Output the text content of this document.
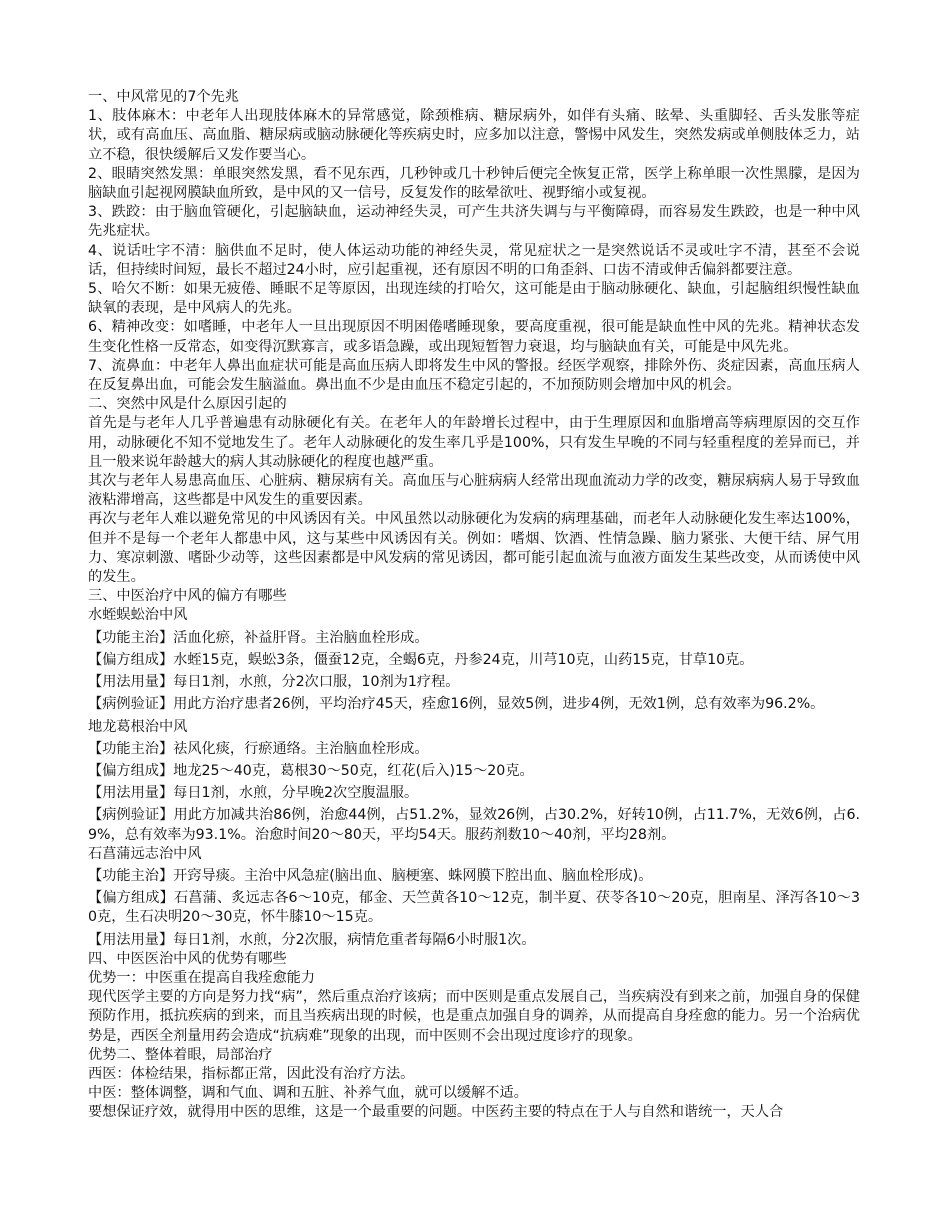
一、中风常见的7个先兆

1、肢体麻木：中老年人出现肢体麻木的异常感觉，除颈椎病、糖尿病外，如伴有头痛、眩晕、头重脚轻、舌头发胀等症状，或有高血压、高血脂、糖尿病或脑动脉硬化等疾病史时，应多加以注意，警惕中风发生，突然发病或单侧肢体乏力，站立不稳，很快缓解后又发作要当心。

2、眼睛突然发黑：单眼突然发黑，看不见东西，几秒钟或几十秒钟后便完全恢复正常，医学上称单眼一次性黑朦，是因为脑缺血引起视网膜缺血所致，是中风的又一信号，反复发作的眩晕欲吐、视野缩小或复视。

3、跌跤：由于脑血管硬化，引起脑缺血，运动神经失灵，可产生共济失调与与平衡障碍，而容易发生跌跤，也是一种中风先兆症状。

4、说话吐字不清：脑供血不足时，使人体运动功能的神经失灵，常见症状之一是突然说话不灵或吐字不清，甚至不会说话，但持续时间短，最长不超过24小时，应引起重视，还有原因不明的口角歪斜、口齿不清或伸舌偏斜都要注意。

5、哈欠不断：如果无疲倦、睡眠不足等原因，出现连续的打哈欠，这可能是由于脑动脉硬化、缺血，引起脑组织慢性缺血缺氧的表现，是中风病人的先兆。

6、精神改变：如嗜睡，中老年人一旦出现原因不明困倦嗜睡现象，要高度重视，很可能是缺血性中风的先兆。精神状态发生变化性格一反常态，如变得沉默寡言，或多语急躁，或出现短暂智力衰退，均与脑缺血有关，可能是中风先兆。

7、流鼻血：中老年人鼻出血症状可能是高血压病人即将发生中风的警报。经医学观察，排除外伤、炎症因素，高血压病人在反复鼻出血，可能会发生脑溢血。鼻出血不少是由血压不稳定引起的，不加预防则会增加中风的机会。

二、突然中风是什么原因引起的

首先是与老年人几乎普遍患有动脉硬化有关。在老年人的年龄增长过程中，由于生理原因和血脂增高等病理原因的交互作用，动脉硬化不知不觉地发生了。老年人动脉硬化的发生率几乎是100%，只有发生早晚的不同与轻重程度的差异而已，并且一般来说年龄越大的病人其动脉硬化的程度也越严重。

其次与老年人易患高血压、心脏病、糖尿病有关。高血压与心脏病病人经常出现血流动力学的改变，糖尿病病人易于导致血液粘滞增高，这些都是中风发生的重要因素。

再次与老年人难以避免常见的中风诱因有关。中风虽然以动脉硬化为发病的病理基础，而老年人动脉硬化发生率达100%，但并不是每一个老年人都患中风，这与某些中风诱因有关。例如：嗜烟、饮酒、性情急躁、脑力紧张、大便干结、屏气用力、寒凉刺激、嗜卧少动等，这些因素都是中风发病的常见诱因，都可能引起血流与血液方面发生某些改变，从而诱使中风的发生。

三、中医治疗中风的偏方有哪些

水蛭蜈蚣治中风

【功能主治】活血化瘀，补益肝肾。主治脑血栓形成。

【偏方组成】水蛭15克，蜈蚣3条，僵蚕12克，全蝎6克，丹参24克，川芎10克，山药15克，甘草10克。

【用法用量】每日1剂，水煎，分2次口服，10剂为1疗程。

【病例验证】用此方治疗患者26例，平均治疗45天，痊愈16例，显效5例，进步4例，无效1例，总有效率为96.2%。

地龙葛根治中风

【功能主治】祛风化痰，行瘀通络。主治脑血栓形成。

【偏方组成】地龙25～40克，葛根30～50克，红花(后入)15～20克。

【用法用量】每日1剂，水煎，分早晚2次空腹温服。

【病例验证】用此方加减共治86例，治愈44例，占51.2%，显效26例，占30.2%，好转10例，占11.7%，无效6例，占6.9%，总有效率为93.1%。治愈时间20～80天，平均54天。服药剂数10～40剂，平均28剂。

石菖蒲远志治中风

【功能主治】开窍导痰。主治中风急症(脑出血、脑梗塞、蛛网膜下腔出血、脑血栓形成)。

【偏方组成】石菖蒲、炙远志各6～10克，郁金、天竺黄各10～12克，制半夏、茯苓各10～20克，胆南星、泽泻各10～30克，生石决明20～30克，怀牛膝10～15克。

【用法用量】每日1剂，水煎，分2次服，病情危重者每隔6小时服1次。

四、中医医治中风的优势有哪些

优势一：中医重在提高自我痊愈能力

现代医学主要的方向是努力找“病”，然后重点治疗该病；而中医则是重点发展自己，当疾病没有到来之前，加强自身的保健预防作用，抵抗疾病的到来，而且当疾病出现的时候，也是重点加强自身的调养，从而提高自身痊愈的能力。另一个治病优势是，西医全剂量用药会造成“抗病难”现象的出现，而中医则不会出现过度诊疗的现象。

优势二、整体着眼，局部治疗

西医：体检结果，指标都正常，因此没有治疗方法。

中医：整体调整，调和气血、调和五脏、补养气血，就可以缓解不适。

要想保证疗效，就得用中医的思维，这是一个最重要的问题。中医药主要的特点在于人与自然和谐统一，天人合
